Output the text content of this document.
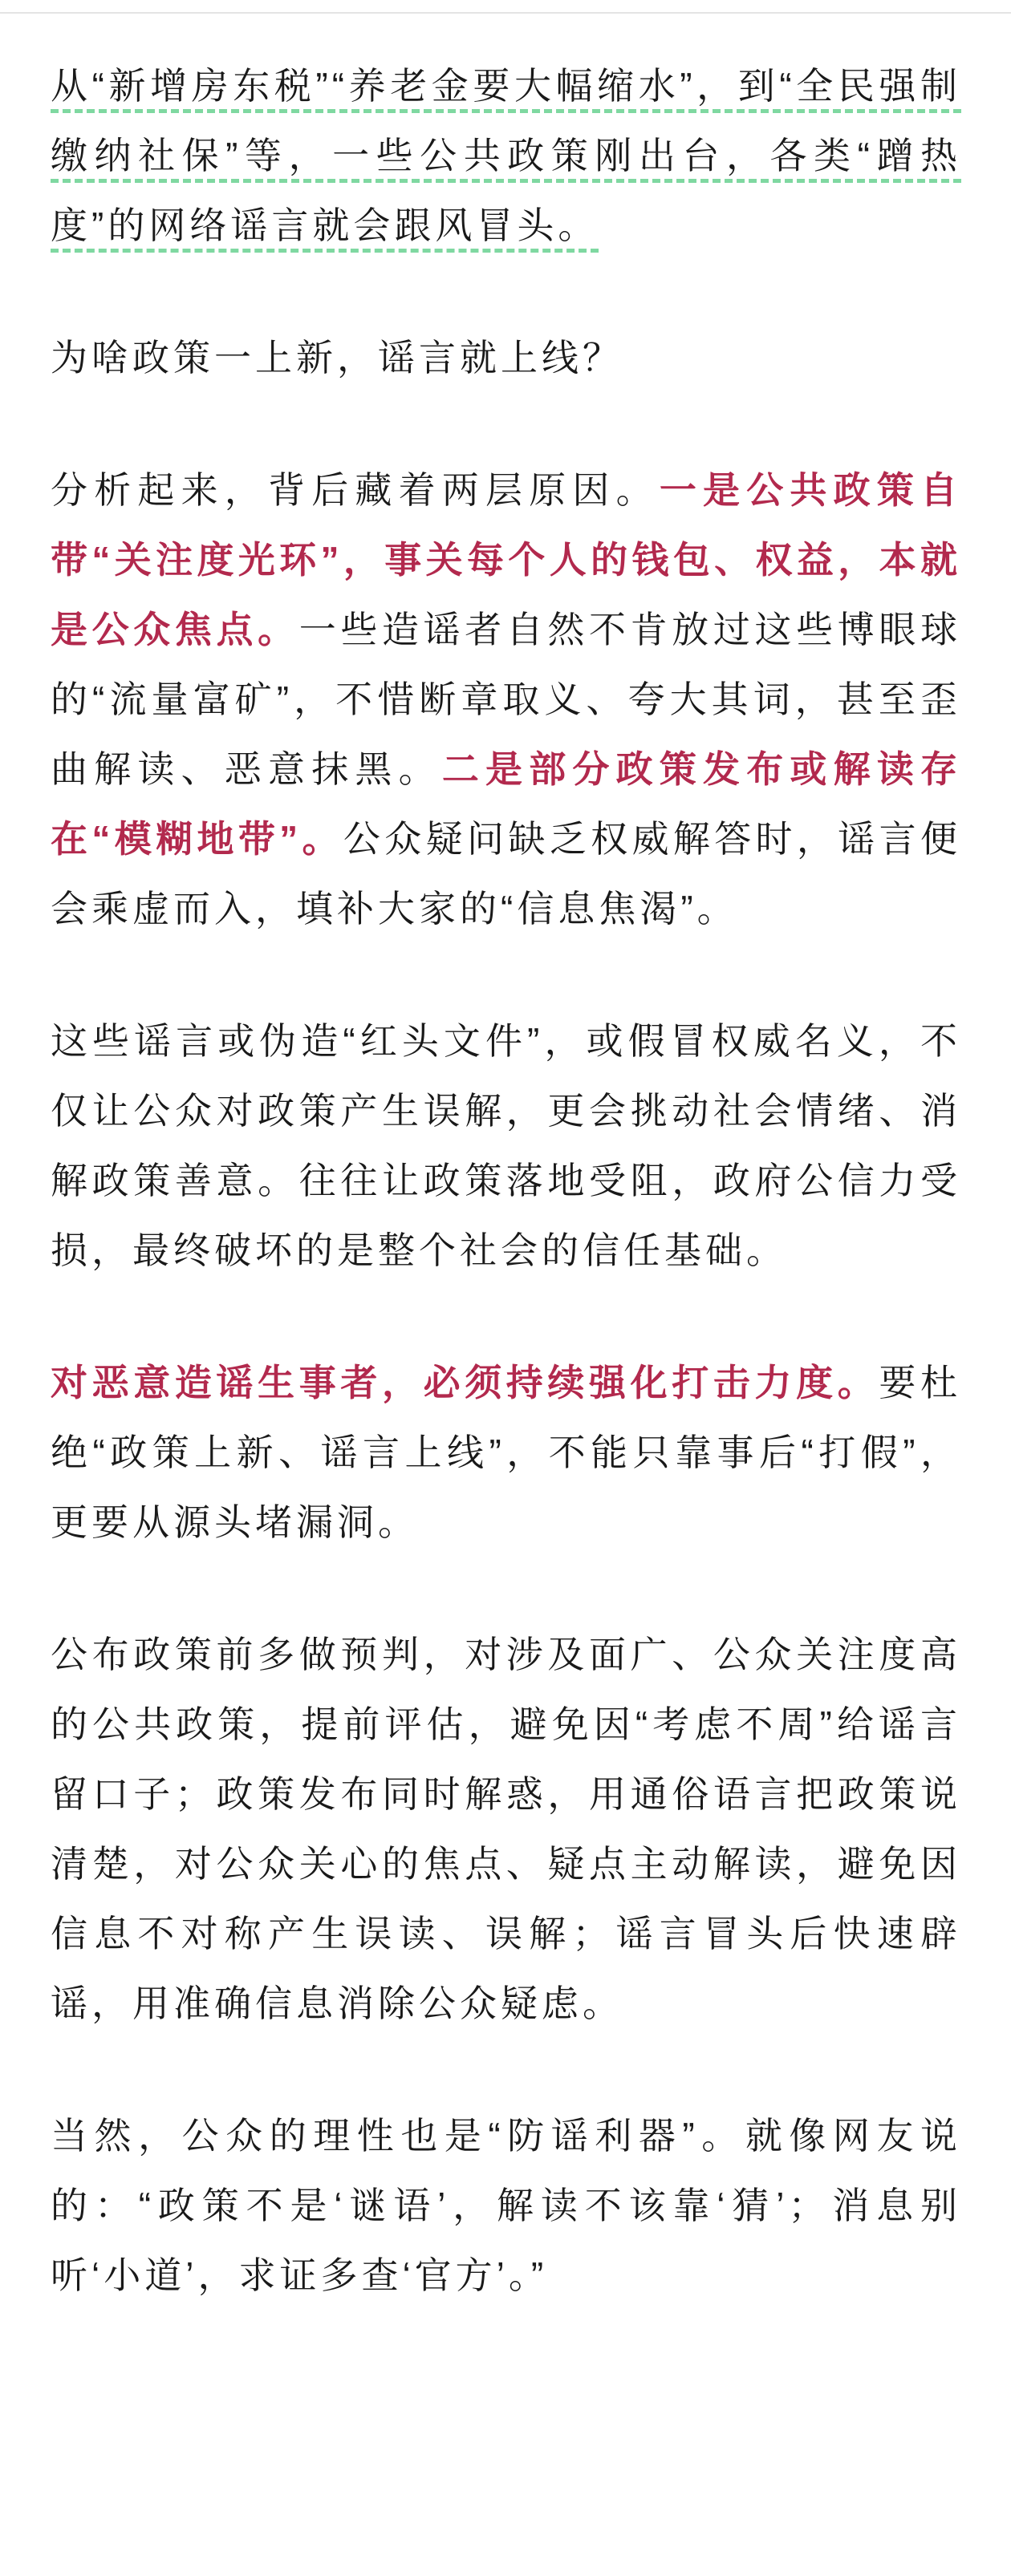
从“新增房东税”“养老金要大幅缩水”，到“全民强制缴纳社保”等，一些公共政策刚出台，各类“蹭热度”的网络谣言就会跟风冒头。

为啥政策一上新，谣言就上线？

分析起来，背后藏着两层原因。一是公共政策自带“关注度光环”，事关每个人的钱包、权益，本就是公众焦点。一些造谣者自然不肯放过这些博眼球的“流量富矿”，不惜断章取义、夸大其词，甚至歪曲解读、恶意抹黑。二是部分政策发布或解读存在“模糊地带”。公众疑问缺乏权威解答时，谣言便会乘虚而入，填补大家的“信息焦渴”。

这些谣言或伪造“红头文件”，或假冒权威名义，不仅让公众对政策产生误解，更会挑动社会情绪、消解政策善意。往往让政策落地受阻，政府公信力受损，最终破坏的是整个社会的信任基础。

对恶意造谣生事者，必须持续强化打击力度。要杜绝“政策上新、谣言上线”，不能只靠事后“打假”，更要从源头堵漏洞。

公布政策前多做预判，对涉及面广、公众关注度高的公共政策，提前评估，避免因“考虑不周”给谣言留口子；政策发布同时解惑，用通俗语言把政策说清楚，对公众关心的焦点、疑点主动解读，避免因信息不对称产生误读、误解；谣言冒头后快速辟谣，用准确信息消除公众疑虑。

当然，公众的理性也是“防谣利器”。就像网友说的：“政策不是‘谜语’，解读不该靠‘猜’；消息别听‘小道’，求证多查‘官方’。”
